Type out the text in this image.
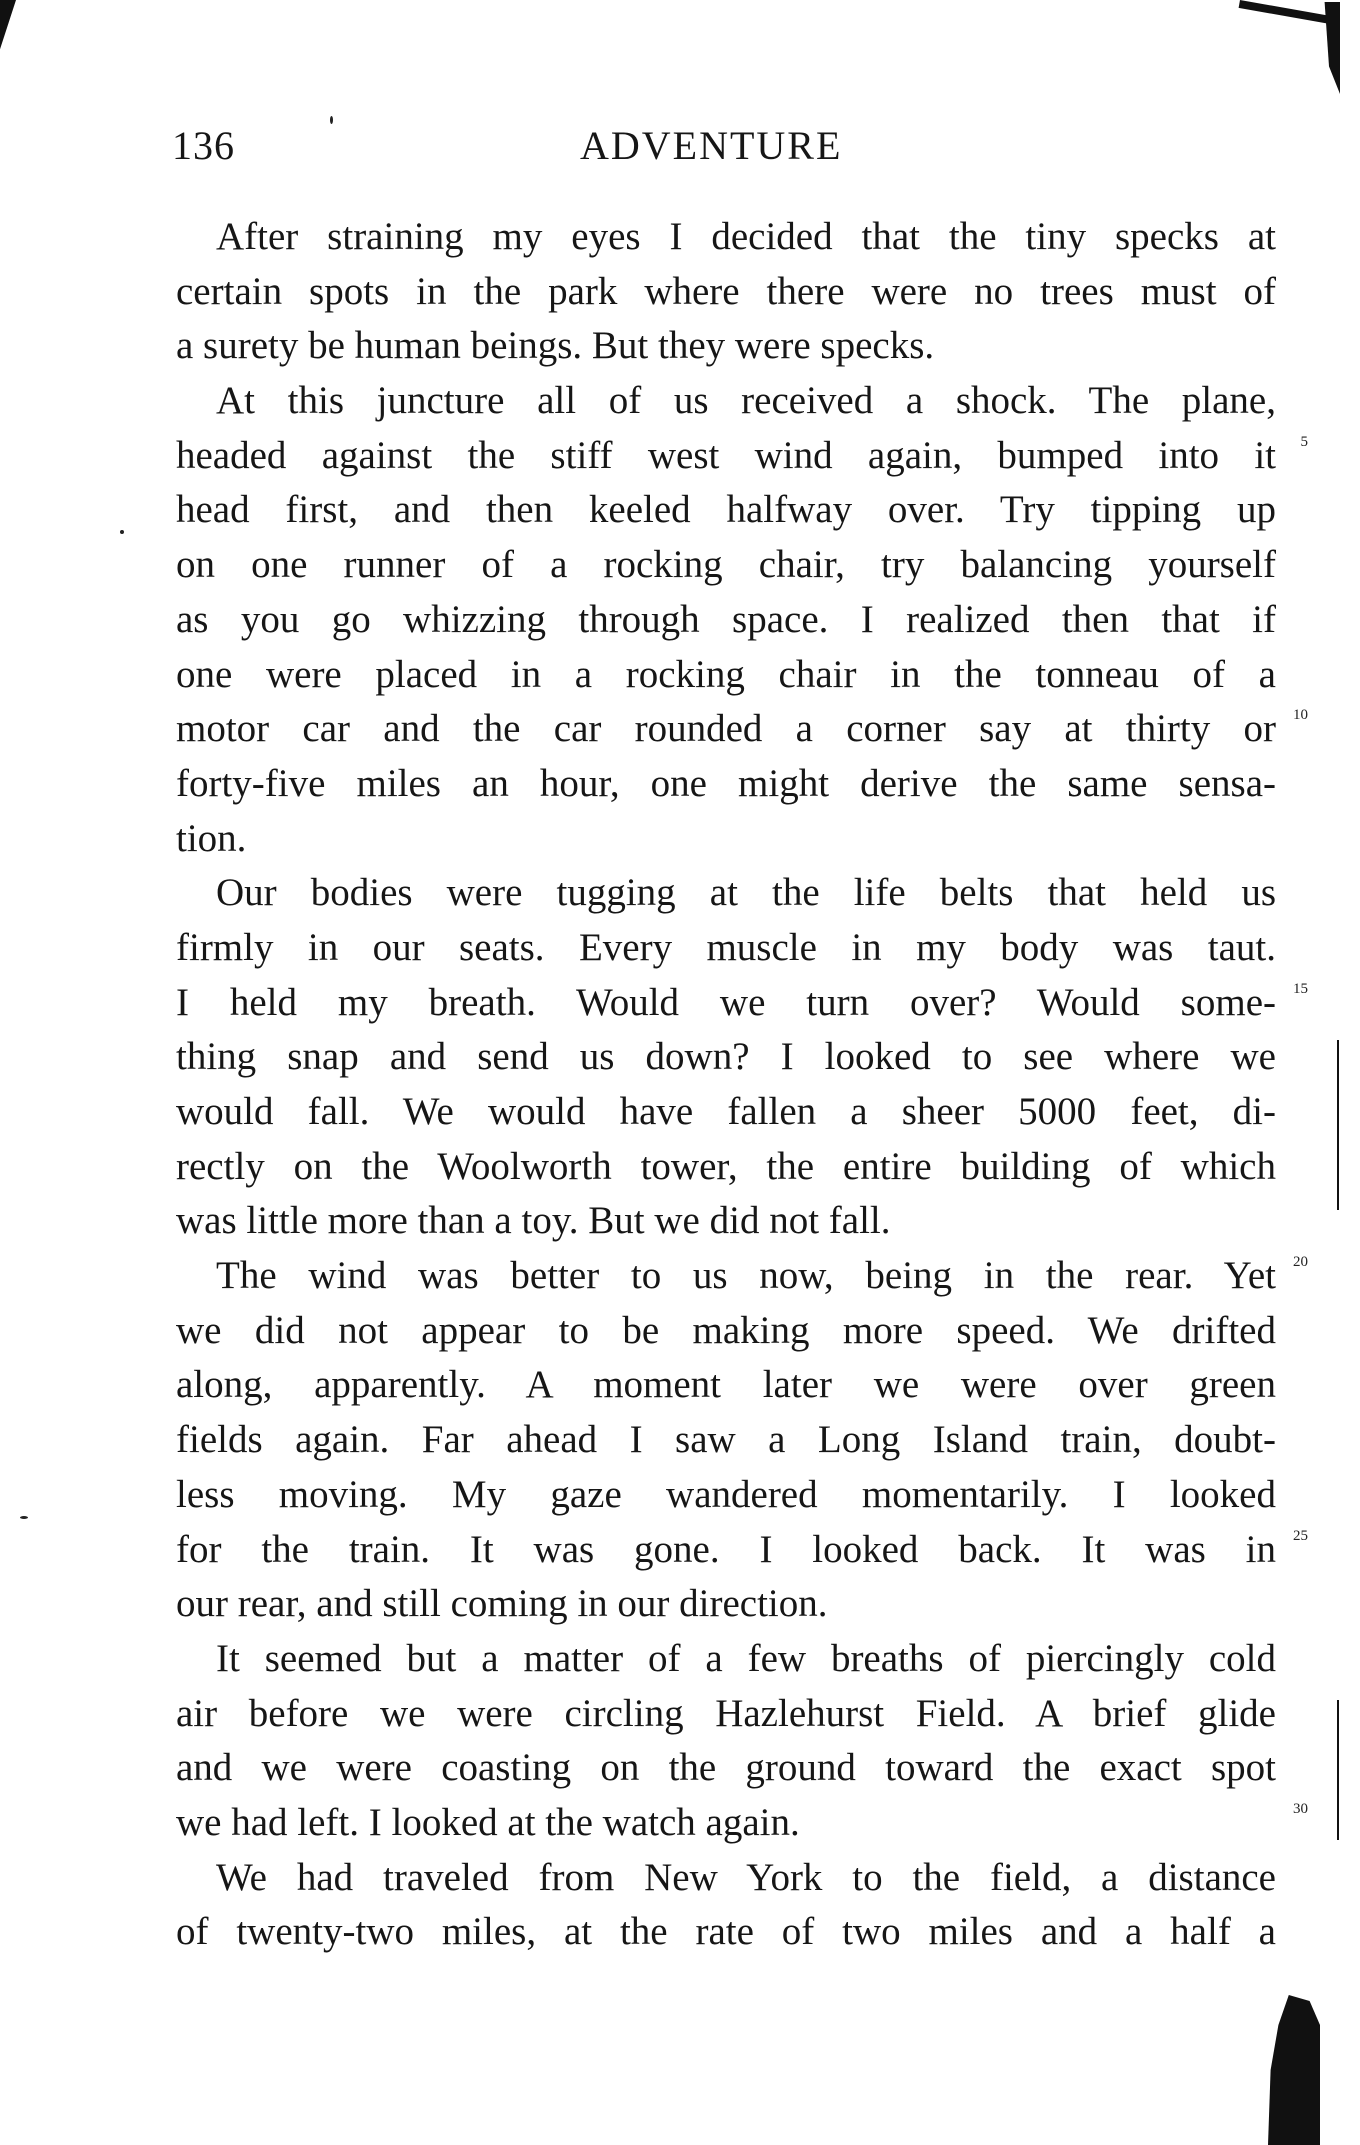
136	ADVENTURE
After straining my eyes I decided that the tiny specks at
certain spots in the park where there were no trees must of
a surety be human beings. But they were specks.
At this juncture all of us received a shock. The plane,
headed against the stiff west wind again, bumped into it 5
head first, and then keeled halfway over. Try tipping up
on one runner of a rocking chair, try balancing yourself
as you go whizzing through space. I realized then that if
one were placed in a rocking chair in the tonneau of a
motor car and the car rounded a corner say at thirty or 10
forty-five miles an hour, one might derive the same sensa-
tion.
Our bodies were tugging at the life belts that held us
firmly in our seats. Every muscle in my body was taut.
I held my breath. Would we turn over? Would some- 15
thing snap and send us down? I looked to see where we
would fall. We would have fallen a sheer 5000 feet, di-
rectly on the Woolworth tower, the entire building of which
was little more than a toy. But we did not fall.
The wind was better to us now, being in the rear. Yet 20
we did not appear to be making more speed. We drifted
along, apparently. A moment later we were over green
fields again. Far ahead I saw a Long Island train, doubt-
less moving. My gaze wandered momentarily. I looked
for the train. It was gone. I looked back. It was in 25
our rear, and still coming in our direction.
It seemed but a matter of a few breaths of piercingly cold
air before we were circling Hazlehurst Field. A brief glide
and we were coasting on the ground toward the exact spot
we had left. I looked at the watch again.	30
We had traveled from New York to the field, a distance
of twenty-two miles, at the rate of two miles and a half a
